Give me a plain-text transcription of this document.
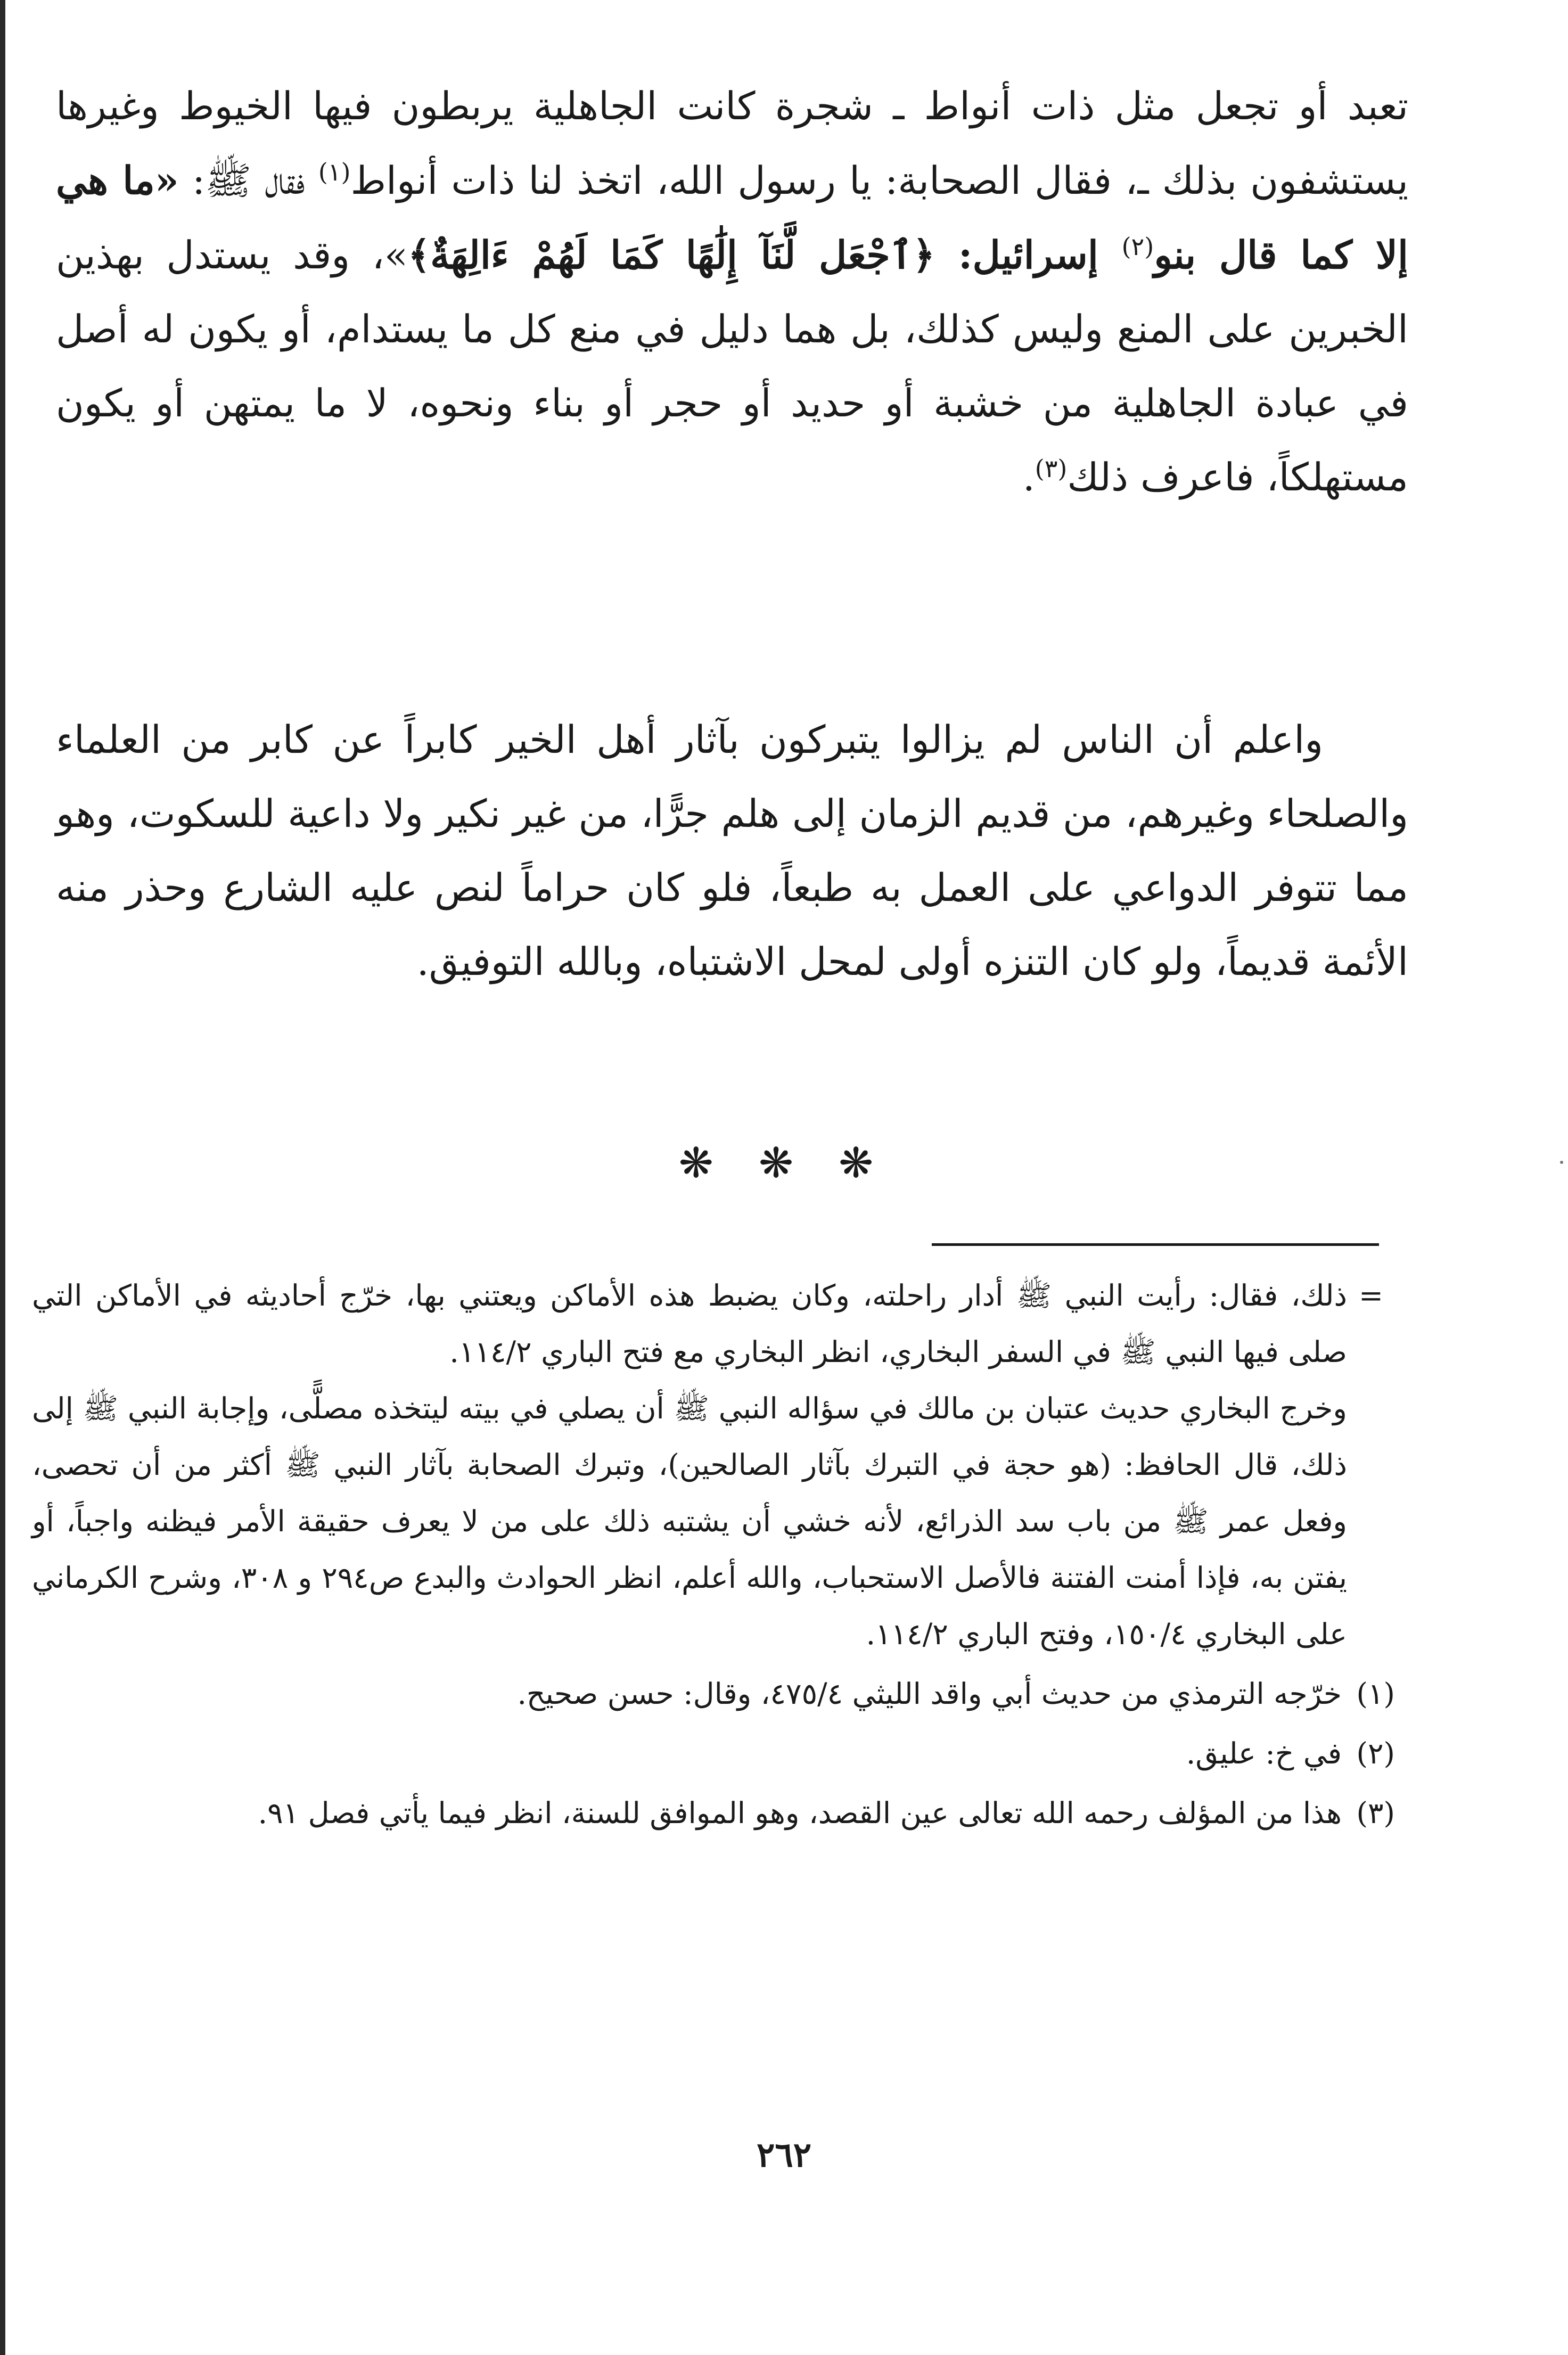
تعبد أو تجعل مثل ذات أنواط ـ شجرة كانت الجاهلية يربطون فيها الخيوط وغيرها يستشفون بذلك ـ، فقال الصحابة: يا رسول الله، اتخذ لنا ذات أنواط$^{(١)}$ فقال ﷺ: «ما هي إلا كما قال بنو$^{(٢)}$ إسرائيل: ﴿ٱجْعَل لَّنَآ إِلَٰهًا كَمَا لَهُمْ ءَالِهَةٌ﴾»، وقد يستدل بهذين الخبرين على المنع وليس كذلك، بل هما دليل في منع كل ما يستدام، أو يكون له أصل في عبادة الجاهلية من خشبة أو حديد أو حجر أو بناء ونحوه، لا ما يمتهن أو يكون مستهلكاً، فاعرف ذلك$^{(٣)}$.

واعلم أن الناس لم يزالوا يتبركون بآثار أهل الخير كابراً عن كابر من العلماء والصلحاء وغيرهم، من قديم الزمان إلى هلم جرًّا، من غير نكير ولا داعية للسكوت، وهو مما تتوفر الدواعي على العمل به طبعاً، فلو كان حراماً لنص عليه الشارع وحذر منه الأئمة قديماً، ولو كان التنزه أولى لمحل الاشتباه، وبالله التوفيق.

❋ ❋ ❋
=

ذلك، فقال: رأيت النبي ﷺ أدار راحلته، وكان يضبط هذه الأماكن ويعتني بها، خرّج أحاديثه في الأماكن التي صلى فيها النبي ﷺ في السفر البخاري، انظر البخاري مع فتح الباري ١١٤/٢.

وخرج البخاري حديث عتبان بن مالك في سؤاله النبي ﷺ أن يصلي في بيته ليتخذه مصلًّى، وإجابة النبي ﷺ إلى ذلك، قال الحافظ: (هو حجة في التبرك بآثار الصالحين)، وتبرك الصحابة بآثار النبي ﷺ أكثر من أن تحصى، وفعل عمر ﷺ من باب سد الذرائع، لأنه خشي أن يشتبه ذلك على من لا يعرف حقيقة الأمر فيظنه واجباً، أو يفتن به، فإذا أمنت الفتنة فالأصل الاستحباب، والله أعلم، انظر الحوادث والبدع ص٢٩٤ و ٣٠٨، وشرح الكرماني على البخاري ١٥٠/٤، وفتح الباري ١١٤/٢.

(١)
خرّجه الترمذي من حديث أبي واقد الليثي ٤٧٥/٤، وقال: حسن صحيح.
(٢)
في خ: عليق.
(٣)
هذا من المؤلف رحمه الله تعالى عين القصد، وهو الموافق للسنة، انظر فيما يأتي فصل ٩١.
٢٦٢
